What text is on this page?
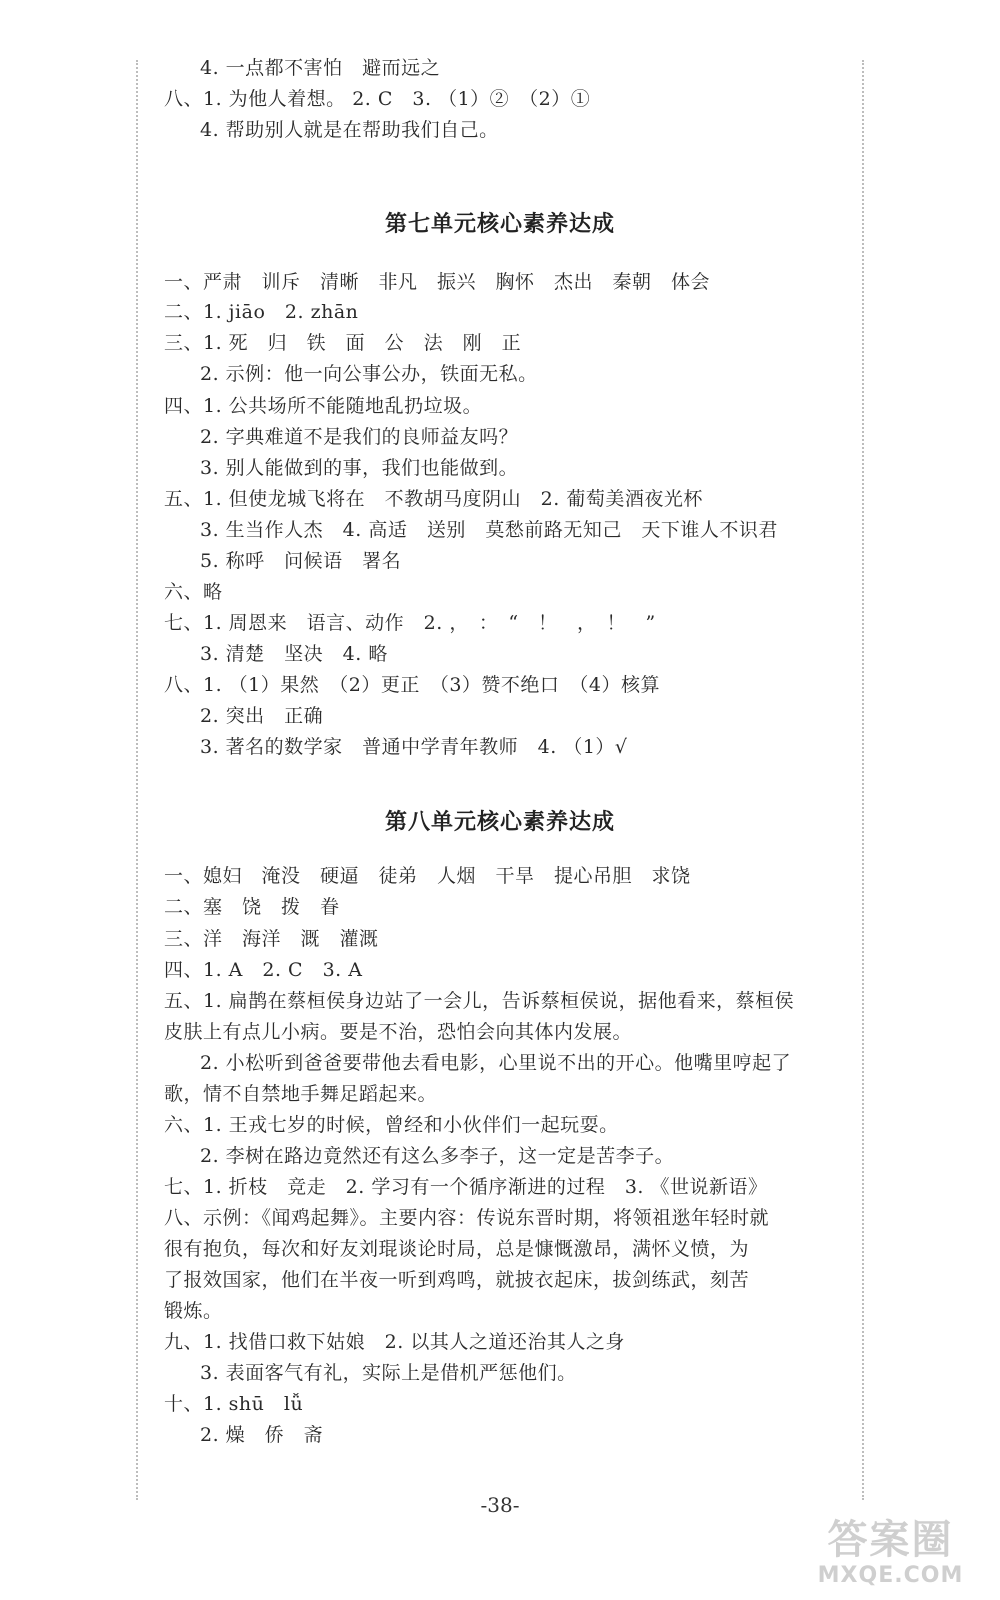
4. 一点都不害怕　避而远之
八、1. 为他人着想。 2. C　3. （1）②　（2）①
4. 帮助别人就是在帮助我们自己。
第七单元核心素养达成
一、严肃　训斥　清晰　非凡　振兴　胸怀　杰出　秦朝　体会
二、1. jiāo　2. zhān
三、1. 死　归　铁　面　公　法　刚　正
2. 示例：他一向公事公办，铁面无私。
四、1. 公共场所不能随地乱扔垃圾。
2. 字典难道不是我们的良师益友吗？
3. 别人能做到的事，我们也能做到。
五、1. 但使龙城飞将在　不教胡马度阴山　2. 葡萄美酒夜光杯
3. 生当作人杰　4. 高适　送别　莫愁前路无知己　天下谁人不识君
5. 称呼　问候语　署名
六、略
七、1. 周恩来　语言、动作　2. ，　：　“　！　，　！　”
3. 清楚　坚决　4. 略
八、1. （1）果然　（2）更正　（3）赞不绝口　（4）核算
2. 突出　正确
3. 著名的数学家　普通中学青年教师　4. （1）√
第八单元核心素养达成
一、媳妇　淹没　硬逼　徒弟　人烟　干旱　提心吊胆　求饶
二、塞　饶　拨　眷
三、洋　海洋　溉　灌溉
四、1. A　2. C　3. A
五、1. 扁鹊在蔡桓侯身边站了一会儿，告诉蔡桓侯说，据他看来，蔡桓侯
皮肤上有点儿小病。要是不治，恐怕会向其体内发展。
2. 小松听到爸爸要带他去看电影，心里说不出的开心。他嘴里哼起了
歌，情不自禁地手舞足蹈起来。
六、1. 王戎七岁的时候，曾经和小伙伴们一起玩耍。
2. 李树在路边竟然还有这么多李子，这一定是苦李子。
七、1. 折枝　竞走　2. 学习有一个循序渐进的过程　3. 《世说新语》
八、示例：《闻鸡起舞》。主要内容：传说东晋时期，将领祖逖年轻时就
很有抱负，每次和好友刘琨谈论时局，总是慷慨激昂，满怀义愤，为
了报效国家，他们在半夜一听到鸡鸣，就披衣起床，拔剑练武，刻苦
锻炼。
九、1. 找借口救下姑娘　2. 以其人之道还治其人之身
3. 表面客气有礼，实际上是借机严惩他们。
十、1. shū　lǚ
2. 燥　侨　斋
-38-
答案圈
MXQE.COM
